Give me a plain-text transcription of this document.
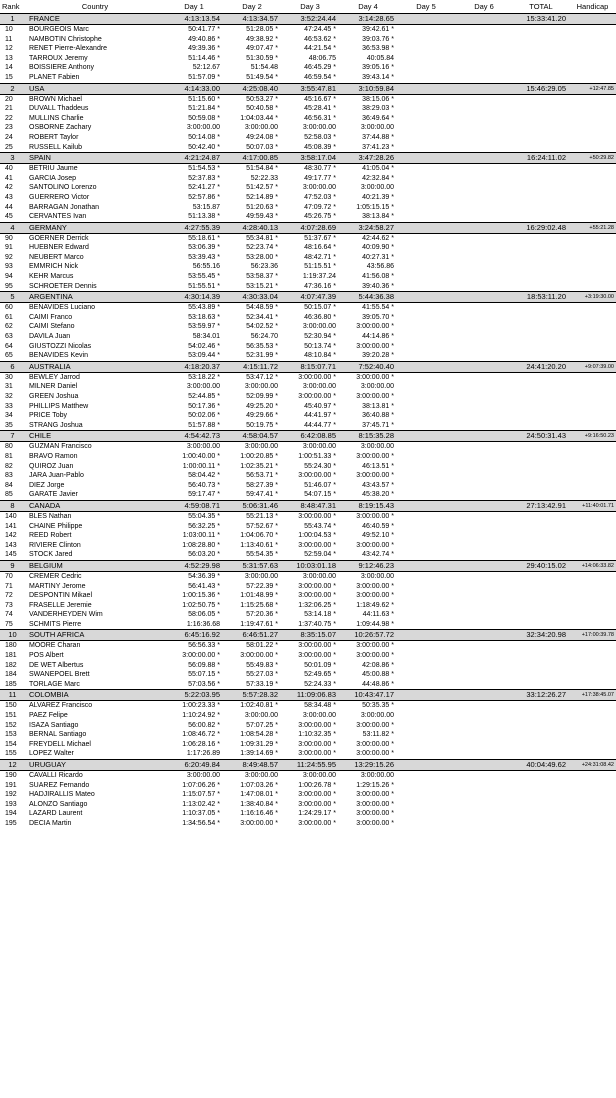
Rank	Country	Day 1	Day 2	Day 3	Day 4	Day 5	Day 6	TOTAL	Handicap
1	FRANCE	4:13:13.54	4:13:34.57	3:52:24.44	3:14:28.65			15:33:41.20	
10	BOURGEOIS Marc	50:41.77 *	51:28.05 *	47:24.45 *	39:42.61 *				
11	NAMBOTIN Christophe	49:40.86 *	49:38.92 *	46:53.62 *	39:03.76 *				
12	RENET Pierre-Alexandre	49:39.36 *	49:07.47 *	44:21.54 *	36:53.98 *				
13	TARROUX Jeremy	51:14.46 *	51:30.59 *	48:06.75	40:05.84				
14	BOISSIERE Anthony	52:12.67	51:54.48	46:45.29 *	39:05.16 *				
15	PLANET Fabien	51:57.09 *	51:49.54 *	46:59.54 *	39:43.14 *				
2	USA	4:14:33.00	4:25:08.40	3:55:47.81	3:10:59.84			15:46:29.05	+12:47.85
20	BROWN Michael	51:15.60 *	50:53.27 *	45:16.67 *	38:15.06 *				
21	DUVALL Thaddeus	51:21.84 *	50:40.58 *	45:28.41 *	38:29.03 *				
22	MULLINS Charlie	50:59.08 *	1:04:03.44 *	46:56.31 *	36:49.64 *				
23	OSBORNE Zachary	3:00:00.00	3:00:00.00	3:00:00.00	3:00:00.00				
24	ROBERT Taylor	50:14.08 *	49:24.08 *	52:58.03 *	37:44.88 *				
25	RUSSELL Kailub	50:42.40 *	50:07.03 *	45:08.39 *	37:41.23 *				
3	SPAIN	4:21:24.87	4:17:00.85	3:58:17.04	3:47:28.26			16:24:11.02	+50:29.82
40	BETRIU Jaume	51:54.53 *	51:54.84 *	48:30.77 *	41:05.04 *				
41	GARCIA Josep	52:37.83 *	52:22.33	49:17.77 *	42:32.84 *				
42	SANTOLINO Lorenzo	52:41.27 *	51:42.57 *	3:00:00.00	3:00:00.00				
43	GUERRERO Victor	52:57.86 *	52:14.89 *	47:52.03 *	40:21.39 *				
44	BARRAGAN Jonathan	53:15.87	51:20.63 *	47:09.72 *	1:05:15.15 *				
45	CERVANTES Ivan	51:13.38 *	49:59.43 *	45:26.75 *	38:13.84 *				
4	GERMANY	4:27:55.39	4:28:40.13	4:07:28.69	3:24:58.27			16:29:02.48	+55:21.28
90	GOERNER Derrick	55:18.61 *	55:34.81 *	51:37.67 *	42:44.62 *				
91	HUEBNER Edward	53:06.39 *	52:23.74 *	48:16.64 *	40:09.90 *				
92	NEUBERT Marco	53:39.43 *	53:28.00 *	48:42.71 *	40:27.31 *				
93	EMMRICH Nick	56:55.16	56:23.36	51:15.51 *	43:56.86				
94	KEHR Marcus	53:55.45 *	53:58.37 *	1:19:37.24	41:56.08 *				
95	SCHROETER Dennis	51:55.51 *	53:15.21 *	47:36.16 *	39:40.36 *				
5	ARGENTINA	4:30:14.39	4:30:33.04	4:07:47.39	5:44:36.38			18:53:11.20	+3:19:30.00
60	BENAVIDES Luciano	55:43.89 *	54:48.59 *	50:15.07 *	41:55.54 *				
61	CAIMI Franco	53:18.63 *	52:34.41 *	46:36.80 *	39:05.70 *				
62	CAIMI Stefano	53:59.97 *	54:02.52 *	3:00:00.00	3:00:00.00 *				
63	DAVILA Juan	58:34.01	56:24.70	52:30.94 *	44:14.86 *				
64	GIUSTOZZI Nicolas	54:02.46 *	56:35.53 *	50:13.74 *	3:00:00.00 *				
65	BENAVIDES Kevin	53:09.44 *	52:31.99 *	48:10.84 *	39:20.28 *				
6	AUSTRALIA	4:18:20.37	4:15:11.72	8:15:07.71	7:52:40.40			24:41:20.20	+9:07:39.00
30	BEWLEY Jarrod	53:18.22 *	53:47.12 *	3:00:00.00 *	3:00:00.00 *				
31	MILNER Daniel	3:00:00.00	3:00:00.00	3:00:00.00	3:00:00.00				
32	GREEN Joshua	52:44.85 *	52:09.99 *	3:00:00.00 *	3:00:00.00 *				
33	PHILLIPS Matthew	50:17.36 *	49:25.20 *	45:40.97 *	38:13.81 *				
34	PRICE Toby	50:02.06 *	49:29.66 *	44:41.97 *	36:40.88 *				
35	STRANG Joshua	51:57.88 *	50:19.75 *	44:44.77 *	37:45.71 *				
7	CHILE	4:54:42.73	4:58:04.57	6:42:08.85	8:15:35.28			24:50:31.43	+9:16:50.23
80	GUZMAN Francisco	3:00:00.00	3:00:00.00	3:00:00.00	3:00:00.00				
81	BRAVO Ramon	1:00:40.00 *	1:00:20.85 *	1:00:51.33 *	3:00:00.00 *				
82	QUIROZ Juan	1:00:00.11 *	1:02:35.21 *	55:24.30 *	46:13.51 *				
83	JARA Juan-Pablo	58:04.42 *	56:53.71 *	3:00:00.00 *	3:00:00.00 *				
84	DIEZ Jorge	56:40.73 *	58:27.39 *	51:46.07 *	43:43.57 *				
85	GARATE Javier	59:17.47 *	59:47.41 *	54:07.15 *	45:38.20 *				
8	CANADA	4:59:08.71	5:06:31.46	8:48:47.31	8:19:15.43			27:13:42.91	+11:40:01.71
140	BLES Nathan	55:04.35 *	55:21.13 *	3:00:00.00 *	3:00:00.00 *				
141	CHAINE Philippe	56:32.25 *	57:52.67 *	55:43.74 *	46:40.59 *				
142	REED Robert	1:03:00.11 *	1:04:06.70 *	1:00:04.53 *	49:52.10 *				
143	RIVIERE Clinton	1:08:28.80 *	1:13:40.61 *	3:00:00.00 *	3:00:00.00 *				
145	STOCK Jared	56:03.20 *	55:54.35 *	52:59.04 *	43:42.74 *				
9	BELGIUM	4:52:29.98	5:31:57.63	10:03:01.18	9:12:46.23			29:40:15.02	+14:06:33.82
70	CREMER Cedric	54:36.39 *	3:00:00.00	3:00:00.00	3:00:00.00				
71	MARTINY Jerome	56:41.43 *	57:22.39 *	3:00:00.00 *	3:00:00.00 *				
72	DESPONTIN Mikael	1:00:15.36 *	1:01:48.99 *	3:00:00.00 *	3:00:00.00 *				
73	FRASELLE Jeremie	1:02:50.75 *	1:15:25.68 *	1:32:06.25 *	1:18:49.62 *				
74	VANDERHEYDEN Wim	58:06.05 *	57:20.36 *	53:14.18 *	44:11.63 *				
75	SCHMITS Pierre	1:16:36.68	1:19:47.61 *	1:37:40.75 *	1:09:44.98 *				
10	SOUTH AFRICA	6:45:16.92	6:46:51.27	8:35:15.07	10:26:57.72			32:34:20.98	+17:00:39.78
180	MOORE Charan	56:56.33 *	58:01.22 *	3:00:00.00 *	3:00:00.00 *				
181	POS Albert	3:00:00.00 *	3:00:00.00 *	3:00:00.00 *	3:00:00.00 *				
182	DE WET Albertus	56:09.88 *	55:49.83 *	50:01.09 *	42:08.86 *				
184	SWANEPOEL Brett	55:07.15 *	55:27.03 *	52:49.65 *	45:00.88 *				
185	TORLAGE Marc	57:03.56 *	57:33.19 *	52:24.33 *	44:48.86 *				
11	COLOMBIA	5:22:03.95	5:57:28.32	11:09:06.83	10:43:47.17			33:12:26.27	+17:38:45.07
150	ALVAREZ Francisco	1:00:23.33 *	1:02:40.81 *	58:34.48 *	50:35.35 *				
151	PAEZ Felipe	1:10:24.92 *	3:00:00.00	3:00:00.00	3:00:00.00				
152	ISAZA Santiago	56:00.82 *	57:07.25 *	3:00:00.00 *	3:00:00.00 *				
153	BERNAL Santiago	1:08:46.72 *	1:08:54.28 *	1:10:32.35 *	53:11.82 *				
154	FREYDELL Michael	1:06:28.16 *	1:09:31.29 *	3:00:00.00 *	3:00:00.00 *				
155	LOPEZ Walter	1:17:26.89	1:39:14.69 *	3:00:00.00 *	3:00:00.00 *				
12	URUGUAY	6:20:49.84	8:49:48.57	11:24:55.95	13:29:15.26			40:04:49.62	+24:31:08.42
190	CAVALLI Ricardo	3:00:00.00	3:00:00.00	3:00:00.00	3:00:00.00				
191	SUAREZ Fernando	1:07:06.26 *	1:07:03.26 *	1:00:26.78 *	1:29:15.26 *				
192	HADJIRALLIS Mateo	1:15:07.57 *	1:47:08.01 *	3:00:00.00 *	3:00:00.00 *				
193	ALONZO Santiago	1:13:02.42 *	1:38:40.84 *	3:00:00.00 *	3:00:00.00 *				
194	LAZARD Laurent	1:10:37.05 *	1:16:16.46 *	1:24:29.17 *	3:00:00.00 *				
195	DECIA Martin	1:34:56.54 *	3:00:00.00 *	3:00:00.00 *	3:00:00.00 *				
